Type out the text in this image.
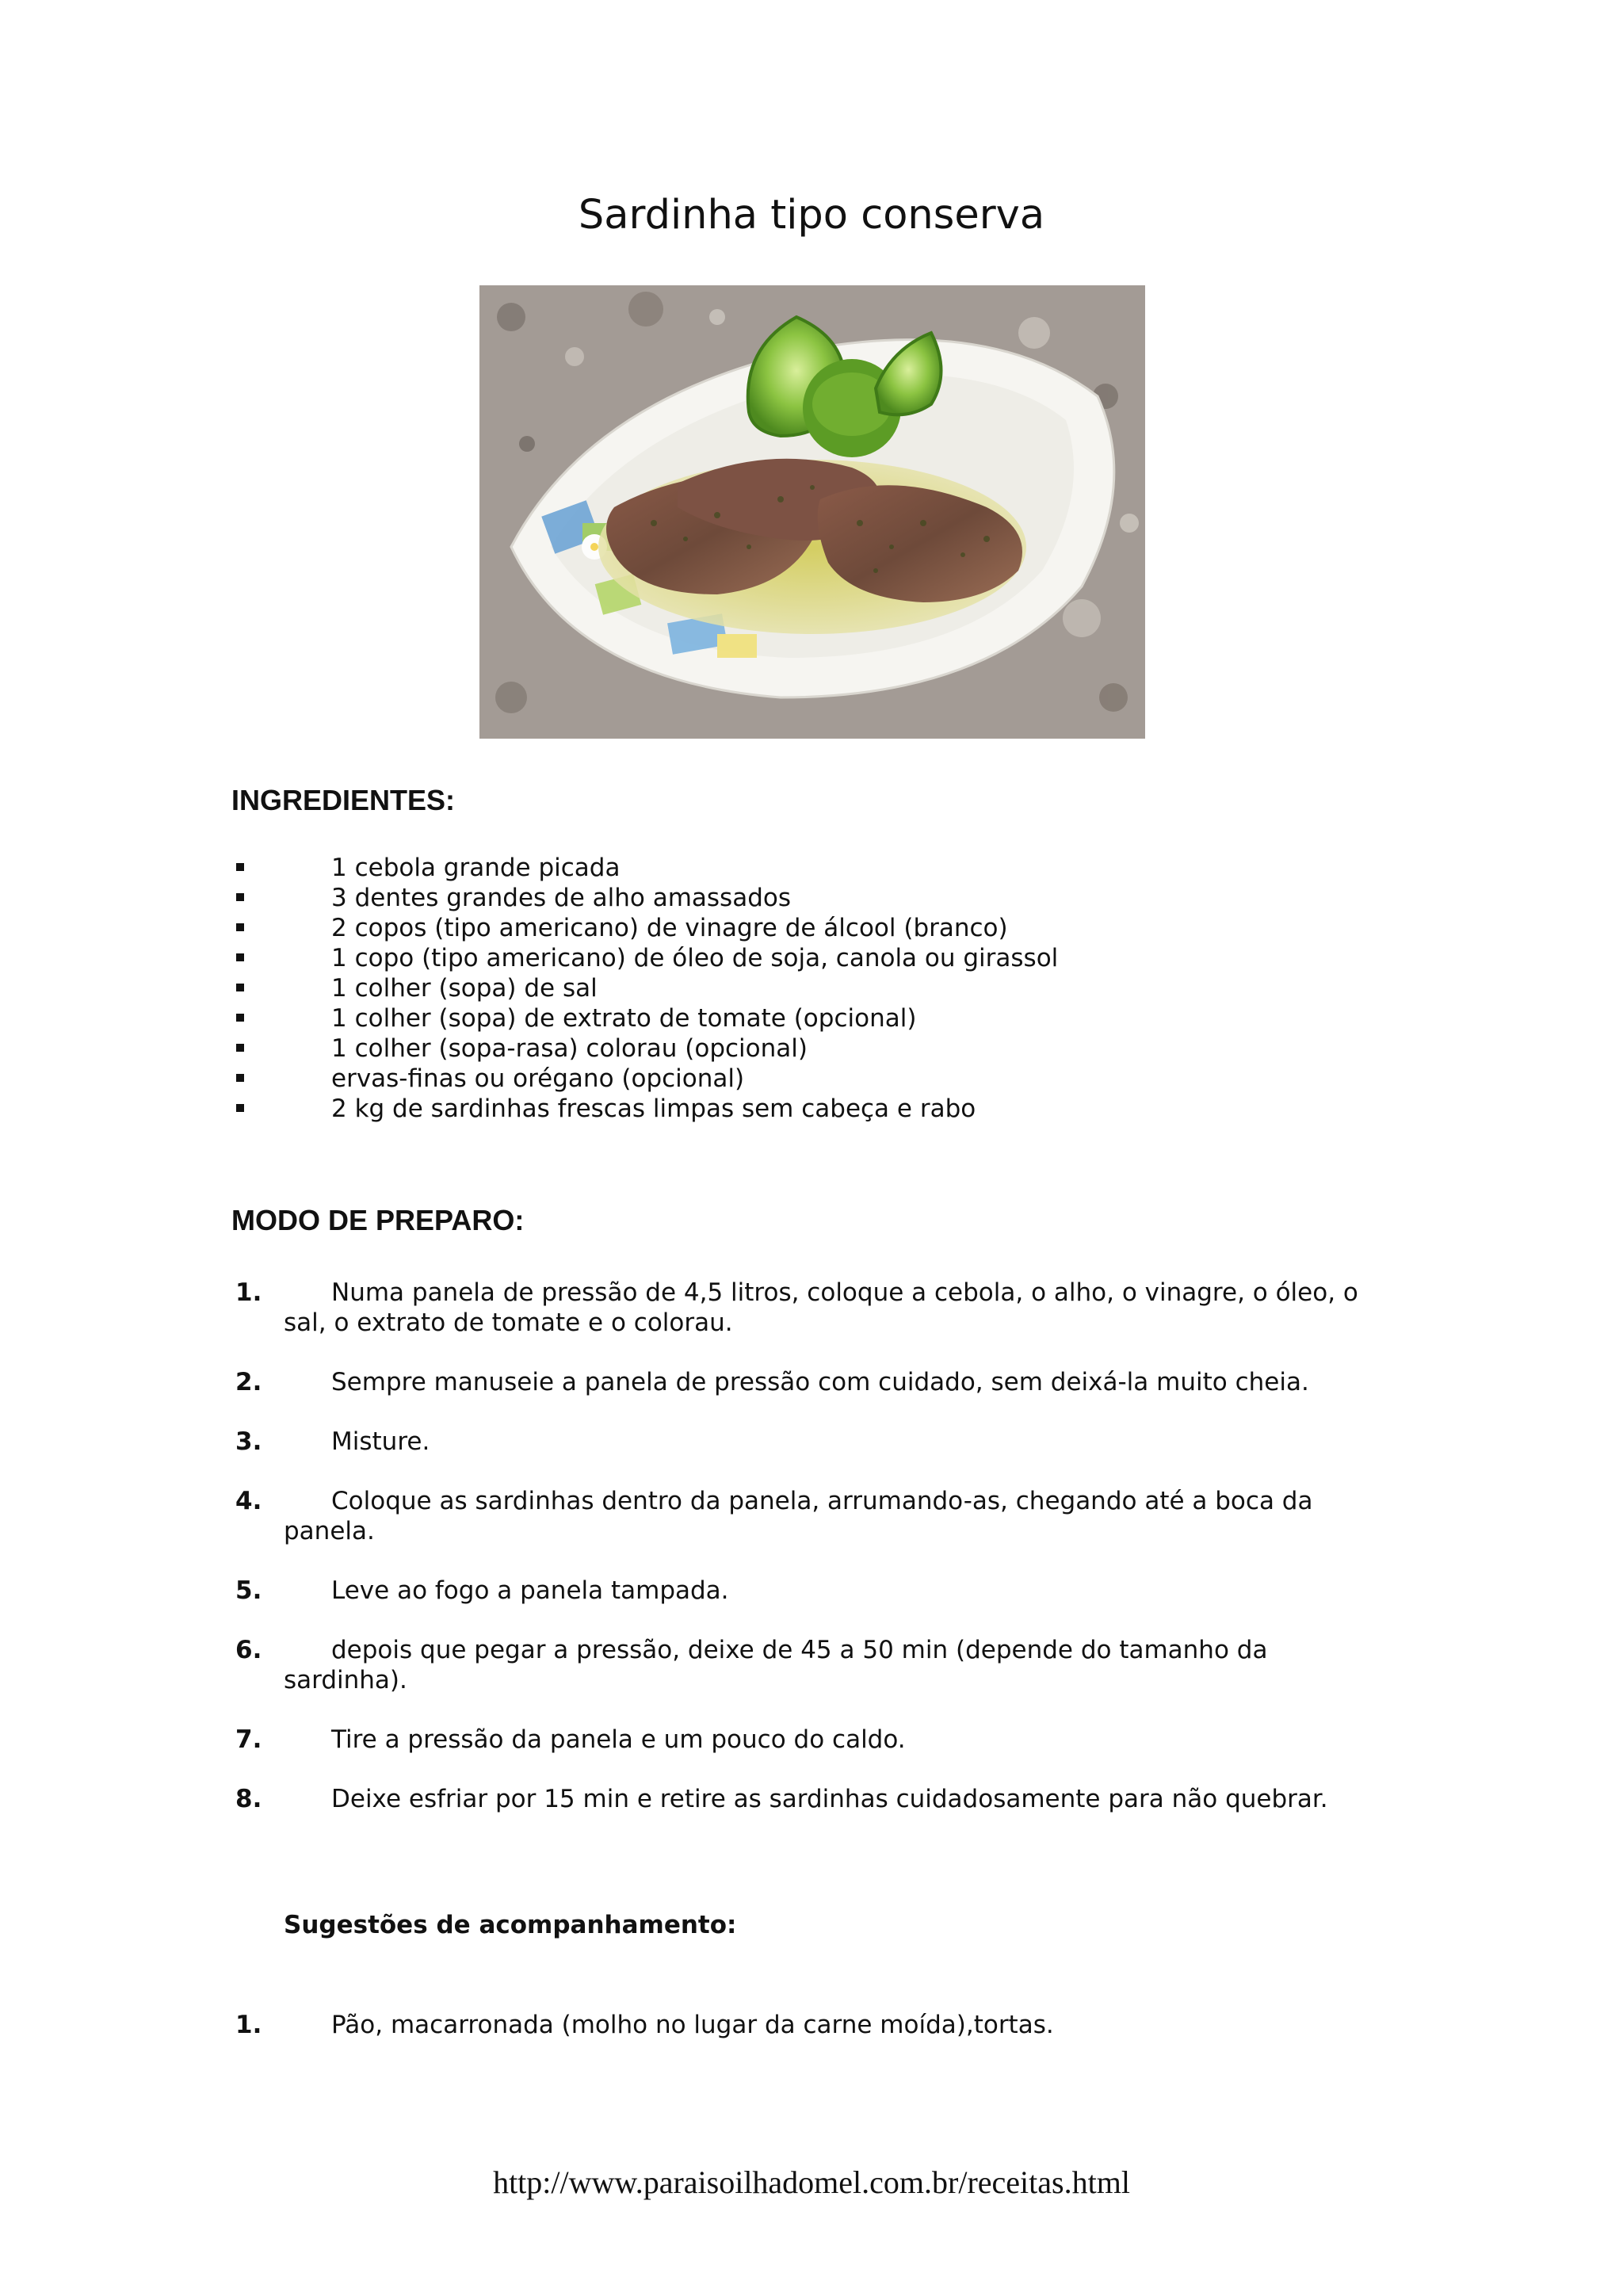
Sardinha tipo conserva
INGREDIENTES:
1 cebola grande picada
3 dentes grandes de alho amassados
2 copos (tipo americano) de vinagre de álcool (branco)
1 copo (tipo americano) de óleo de soja, canola ou girassol
1 colher (sopa) de sal
1 colher (sopa) de extrato de tomate (opcional)
1 colher (sopa-rasa) colorau (opcional)
ervas-finas ou orégano (opcional)
2 kg de sardinhas frescas limpas sem cabeça e rabo
MODO DE PREPARO:
1.	Numa panela de pressão de 4,5 litros, coloque a cebola, o alho, o vinagre, o óleo, o sal, o extrato de tomate e o colorau.
2.	Sempre manuseie a panela de pressão com cuidado, sem deixá-la muito cheia.
3.	Misture.
4.	Coloque as sardinhas dentro da panela, arrumando-as, chegando até a boca da panela.
5.	Leve ao fogo a panela tampada.
6.	depois que pegar a pressão, deixe de 45 a 50 min (depende do tamanho da sardinha).
7.	Tire a pressão da panela e um pouco do caldo.
8.	Deixe esfriar por 15 min e retire as sardinhas cuidadosamente para não quebrar.
Sugestões de acompanhamento:
1.	Pão, macarronada (molho no lugar da carne moída),tortas.
http://www.paraisoilhadomel.com.br/receitas.html
